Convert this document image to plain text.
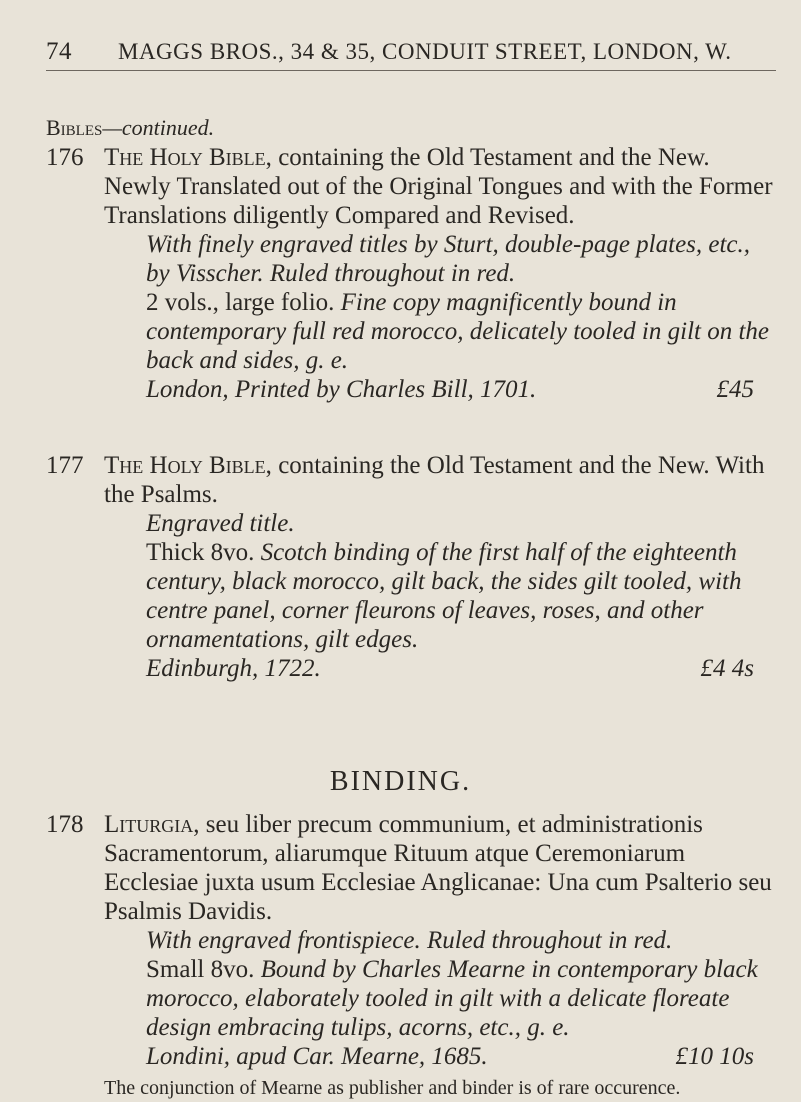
74	MAGGS BROS., 34 & 35, CONDUIT STREET, LONDON, W.
Bibles—continued.
176 The Holy Bible, containing the Old Testament and the New. Newly Translated out of the Original Tongues and with the Former Translations diligently Compared and Revised.

With finely engraved titles by Sturt, double-page plates, etc., by Visscher. Ruled throughout in red.

2 vols., large folio. Fine copy magnificently bound in contemporary full red morocco, delicately tooled in gilt on the back and sides, g. e.

London, Printed by Charles Bill, 1701.	£45
177 The Holy Bible, containing the Old Testament and the New. With the Psalms.

Engraved title.

Thick 8vo. Scotch binding of the first half of the eighteenth century, black morocco, gilt back, the sides gilt tooled, with centre panel, corner fleurons of leaves, roses, and other ornamentations, gilt edges.

Edinburgh, 1722.	£4 4s
BINDING.
178 Liturgia, seu liber precum communium, et administrationis Sacramentorum, aliarumque Rituum atque Ceremoniarum Ecclesiae juxta usum Ecclesiae Anglicanae: Una cum Psalterio seu Psalmis Davidis.

With engraved frontispiece. Ruled throughout in red.

Small 8vo. Bound by Charles Mearne in contemporary black morocco, elaborately tooled in gilt with a delicate floreate design embracing tulips, acorns, etc., g. e.

Londini, apud Car. Mearne, 1685.	£10 10s

The conjunction of Mearne as publisher and binder is of rare occurence.
